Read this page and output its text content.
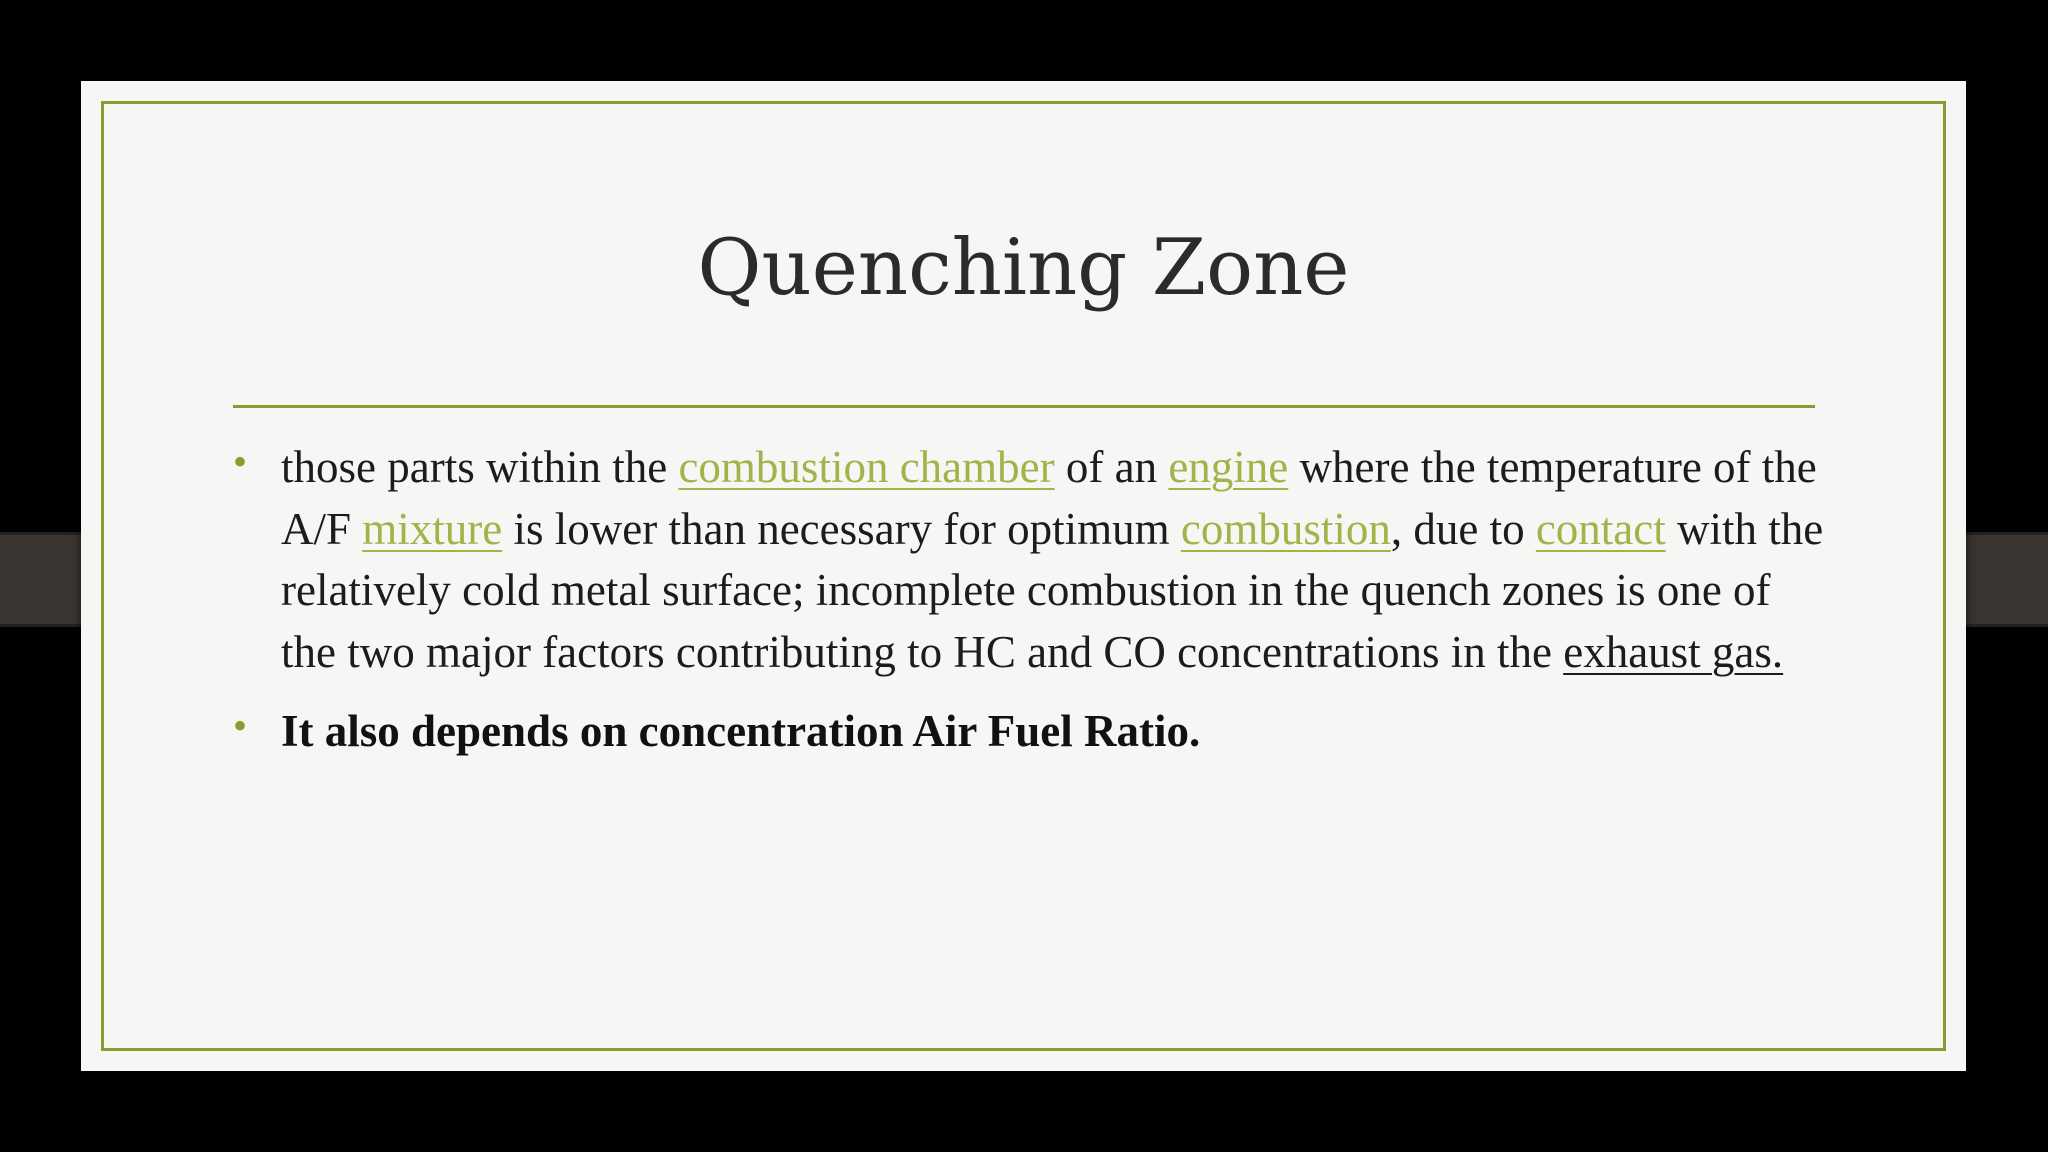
Quenching Zone
• those parts within the combustion chamber of an engine where the temperature of the A/F mixture is lower than necessary for optimum combustion, due to contact with the relatively cold metal surface; incomplete combustion in the quench zones is one of the two major factors contributing to HC and CO concentrations in the exhaust gas.
• It also depends on concentration Air Fuel Ratio.
